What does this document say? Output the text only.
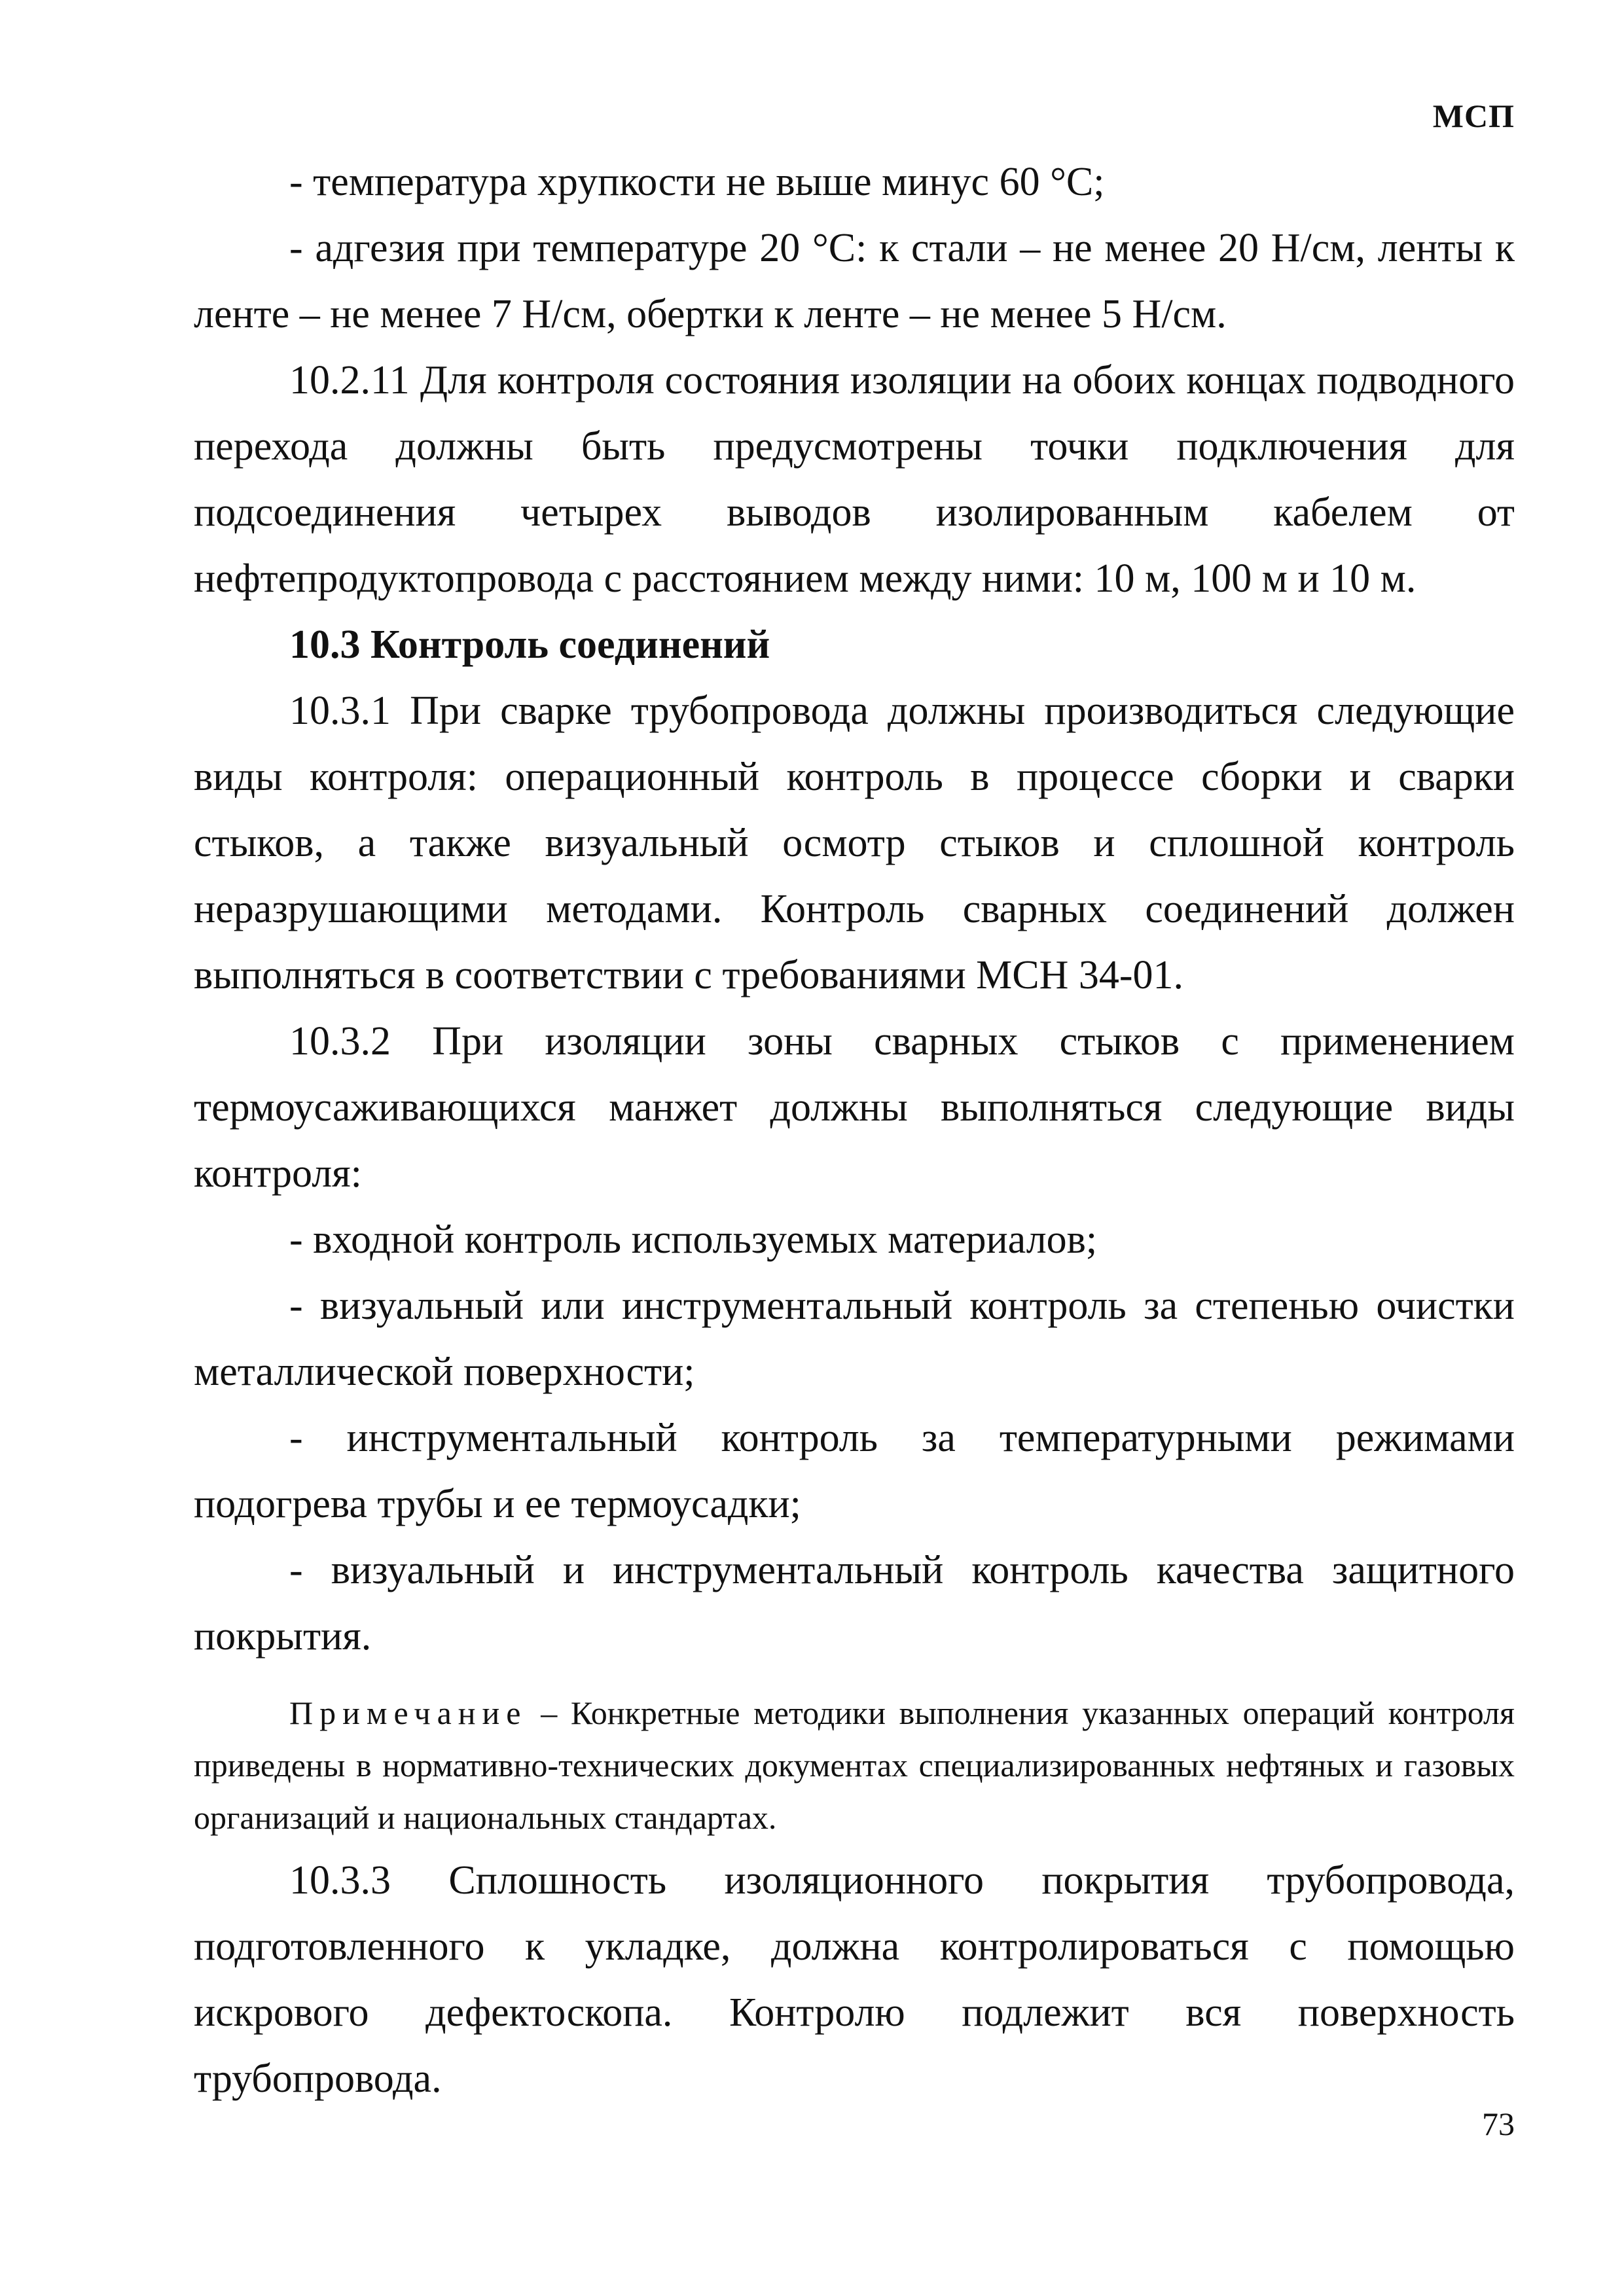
МСП

- температура хрупкости не выше минус 60 °С;

- адгезия при температуре 20 °С: к стали – не менее 20 Н/см, ленты к ленте – не менее 7 Н/см, обертки к ленте – не менее 5 Н/см.

10.2.11 Для контроля состояния изоляции на обоих концах подводного перехода должны быть предусмотрены точки подключения для подсоединения четырех выводов изолированным кабелем от нефтепродуктопровода с расстоянием между ними: 10 м, 100 м и 10 м.

10.3 Контроль соединений

10.3.1 При сварке трубопровода должны производиться следующие виды контроля: операционный контроль в процессе сборки и сварки стыков, а также визуальный осмотр стыков и сплошной контроль неразрушающими методами. Контроль сварных соединений должен выполняться в соответствии с требованиями МСН 34-01.

10.3.2 При изоляции зоны сварных стыков с применением термоусаживающихся манжет должны выполняться следующие виды контроля:

- входной контроль используемых материалов;

- визуальный или инструментальный контроль за степенью очистки металлической поверхности;

- инструментальный контроль за температурными режимами подогрева трубы и ее термоусадки;

- визуальный и инструментальный контроль качества защитного покрытия.

Примечание – Конкретные методики выполнения указанных операций контроля приведены в нормативно-технических документах специализированных нефтяных и газовых организаций и национальных стандартах.

10.3.3 Сплошность изоляционного покрытия трубопровода, подготовленного к укладке, должна контролироваться с помощью искрового дефектоскопа. Контролю подлежит вся поверхность трубопровода.

73
